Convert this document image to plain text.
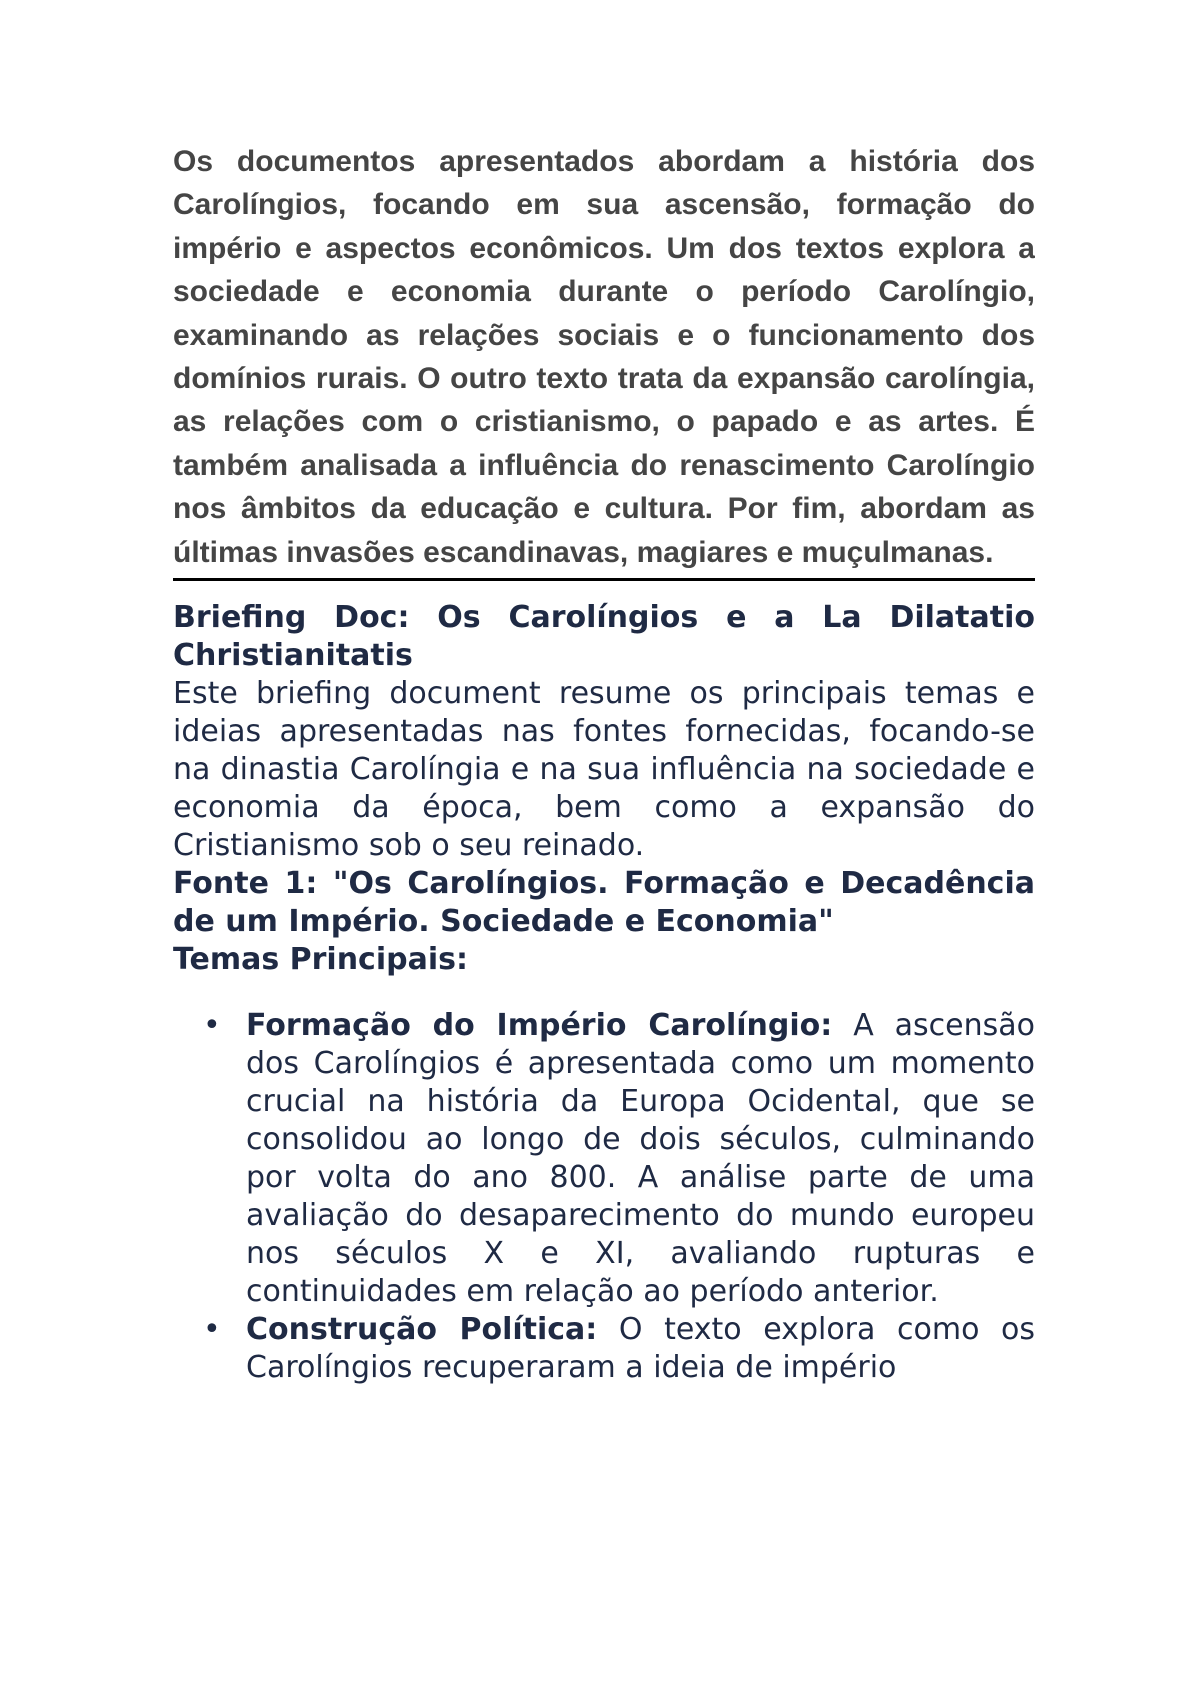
Os documentos apresentados abordam a história dos Carolíngios, focando em sua ascensão, formação do império e aspectos econômicos. Um dos textos explora a sociedade e economia durante o período Carolíngio, examinando as relações sociais e o funcionamento dos domínios rurais. O outro texto trata da expansão carolíngia, as relações com o cristianismo, o papado e as artes. É também analisada a influência do renascimento Carolíngio nos âmbitos da educação e cultura. Por fim, abordam as últimas invasões escandinavas, magiares e muçulmanas.

Briefing Doc: Os Carolíngios e a La Dilatatio Christianitatis

Este briefing document resume os principais temas e ideias apresentadas nas fontes fornecidas, focando-se na dinastia Carolíngia e na sua influência na sociedade e economia da época, bem como a expansão do Cristianismo sob o seu reinado.

Fonte 1: "Os Carolíngios. Formação e Decadência de um Império. Sociedade e Economia"

Temas Principais:

• Formação do Império Carolíngio: A ascensão dos Carolíngios é apresentada como um momento crucial na história da Europa Ocidental, que se consolidou ao longo de dois séculos, culminando por volta do ano 800. A análise parte de uma avaliação do desaparecimento do mundo europeu nos séculos X e XI, avaliando rupturas e continuidades em relação ao período anterior.
• Construção Política: O texto explora como os Carolíngios recuperaram a ideia de império
